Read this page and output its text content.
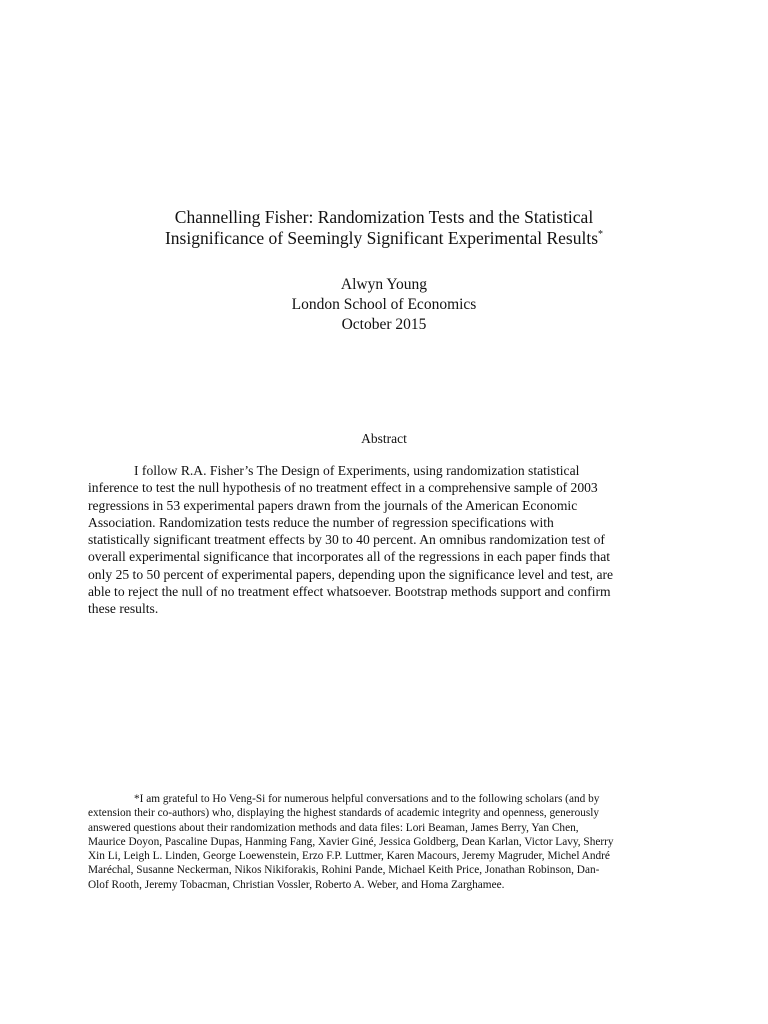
Channelling Fisher: Randomization Tests and the Statistical
Insignificance of Seemingly Significant Experimental Results*
Alwyn Young
London School of Economics
October 2015
Abstract
I follow R.A. Fisher’s The Design of Experiments, using randomization statistical
inference to test the null hypothesis of no treatment effect in a comprehensive sample of 2003
regressions in 53 experimental papers drawn from the journals of the American Economic
Association. Randomization tests reduce the number of regression specifications with
statistically significant treatment effects by 30 to 40 percent. An omnibus randomization test of
overall experimental significance that incorporates all of the regressions in each paper finds that
only 25 to 50 percent of experimental papers, depending upon the significance level and test, are
able to reject the null of no treatment effect whatsoever. Bootstrap methods support and confirm
these results.
*I am grateful to Ho Veng-Si for numerous helpful conversations and to the following scholars (and by
extension their co-authors) who, displaying the highest standards of academic integrity and openness, generously
answered questions about their randomization methods and data files: Lori Beaman, James Berry, Yan Chen,
Maurice Doyon, Pascaline Dupas, Hanming Fang, Xavier Giné, Jessica Goldberg, Dean Karlan, Victor Lavy, Sherry
Xin Li, Leigh L. Linden, George Loewenstein, Erzo F.P. Luttmer, Karen Macours, Jeremy Magruder, Michel André
Maréchal, Susanne Neckerman, Nikos Nikiforakis, Rohini Pande, Michael Keith Price, Jonathan Robinson, Dan-
Olof Rooth, Jeremy Tobacman, Christian Vossler, Roberto A. Weber, and Homa Zarghamee.
